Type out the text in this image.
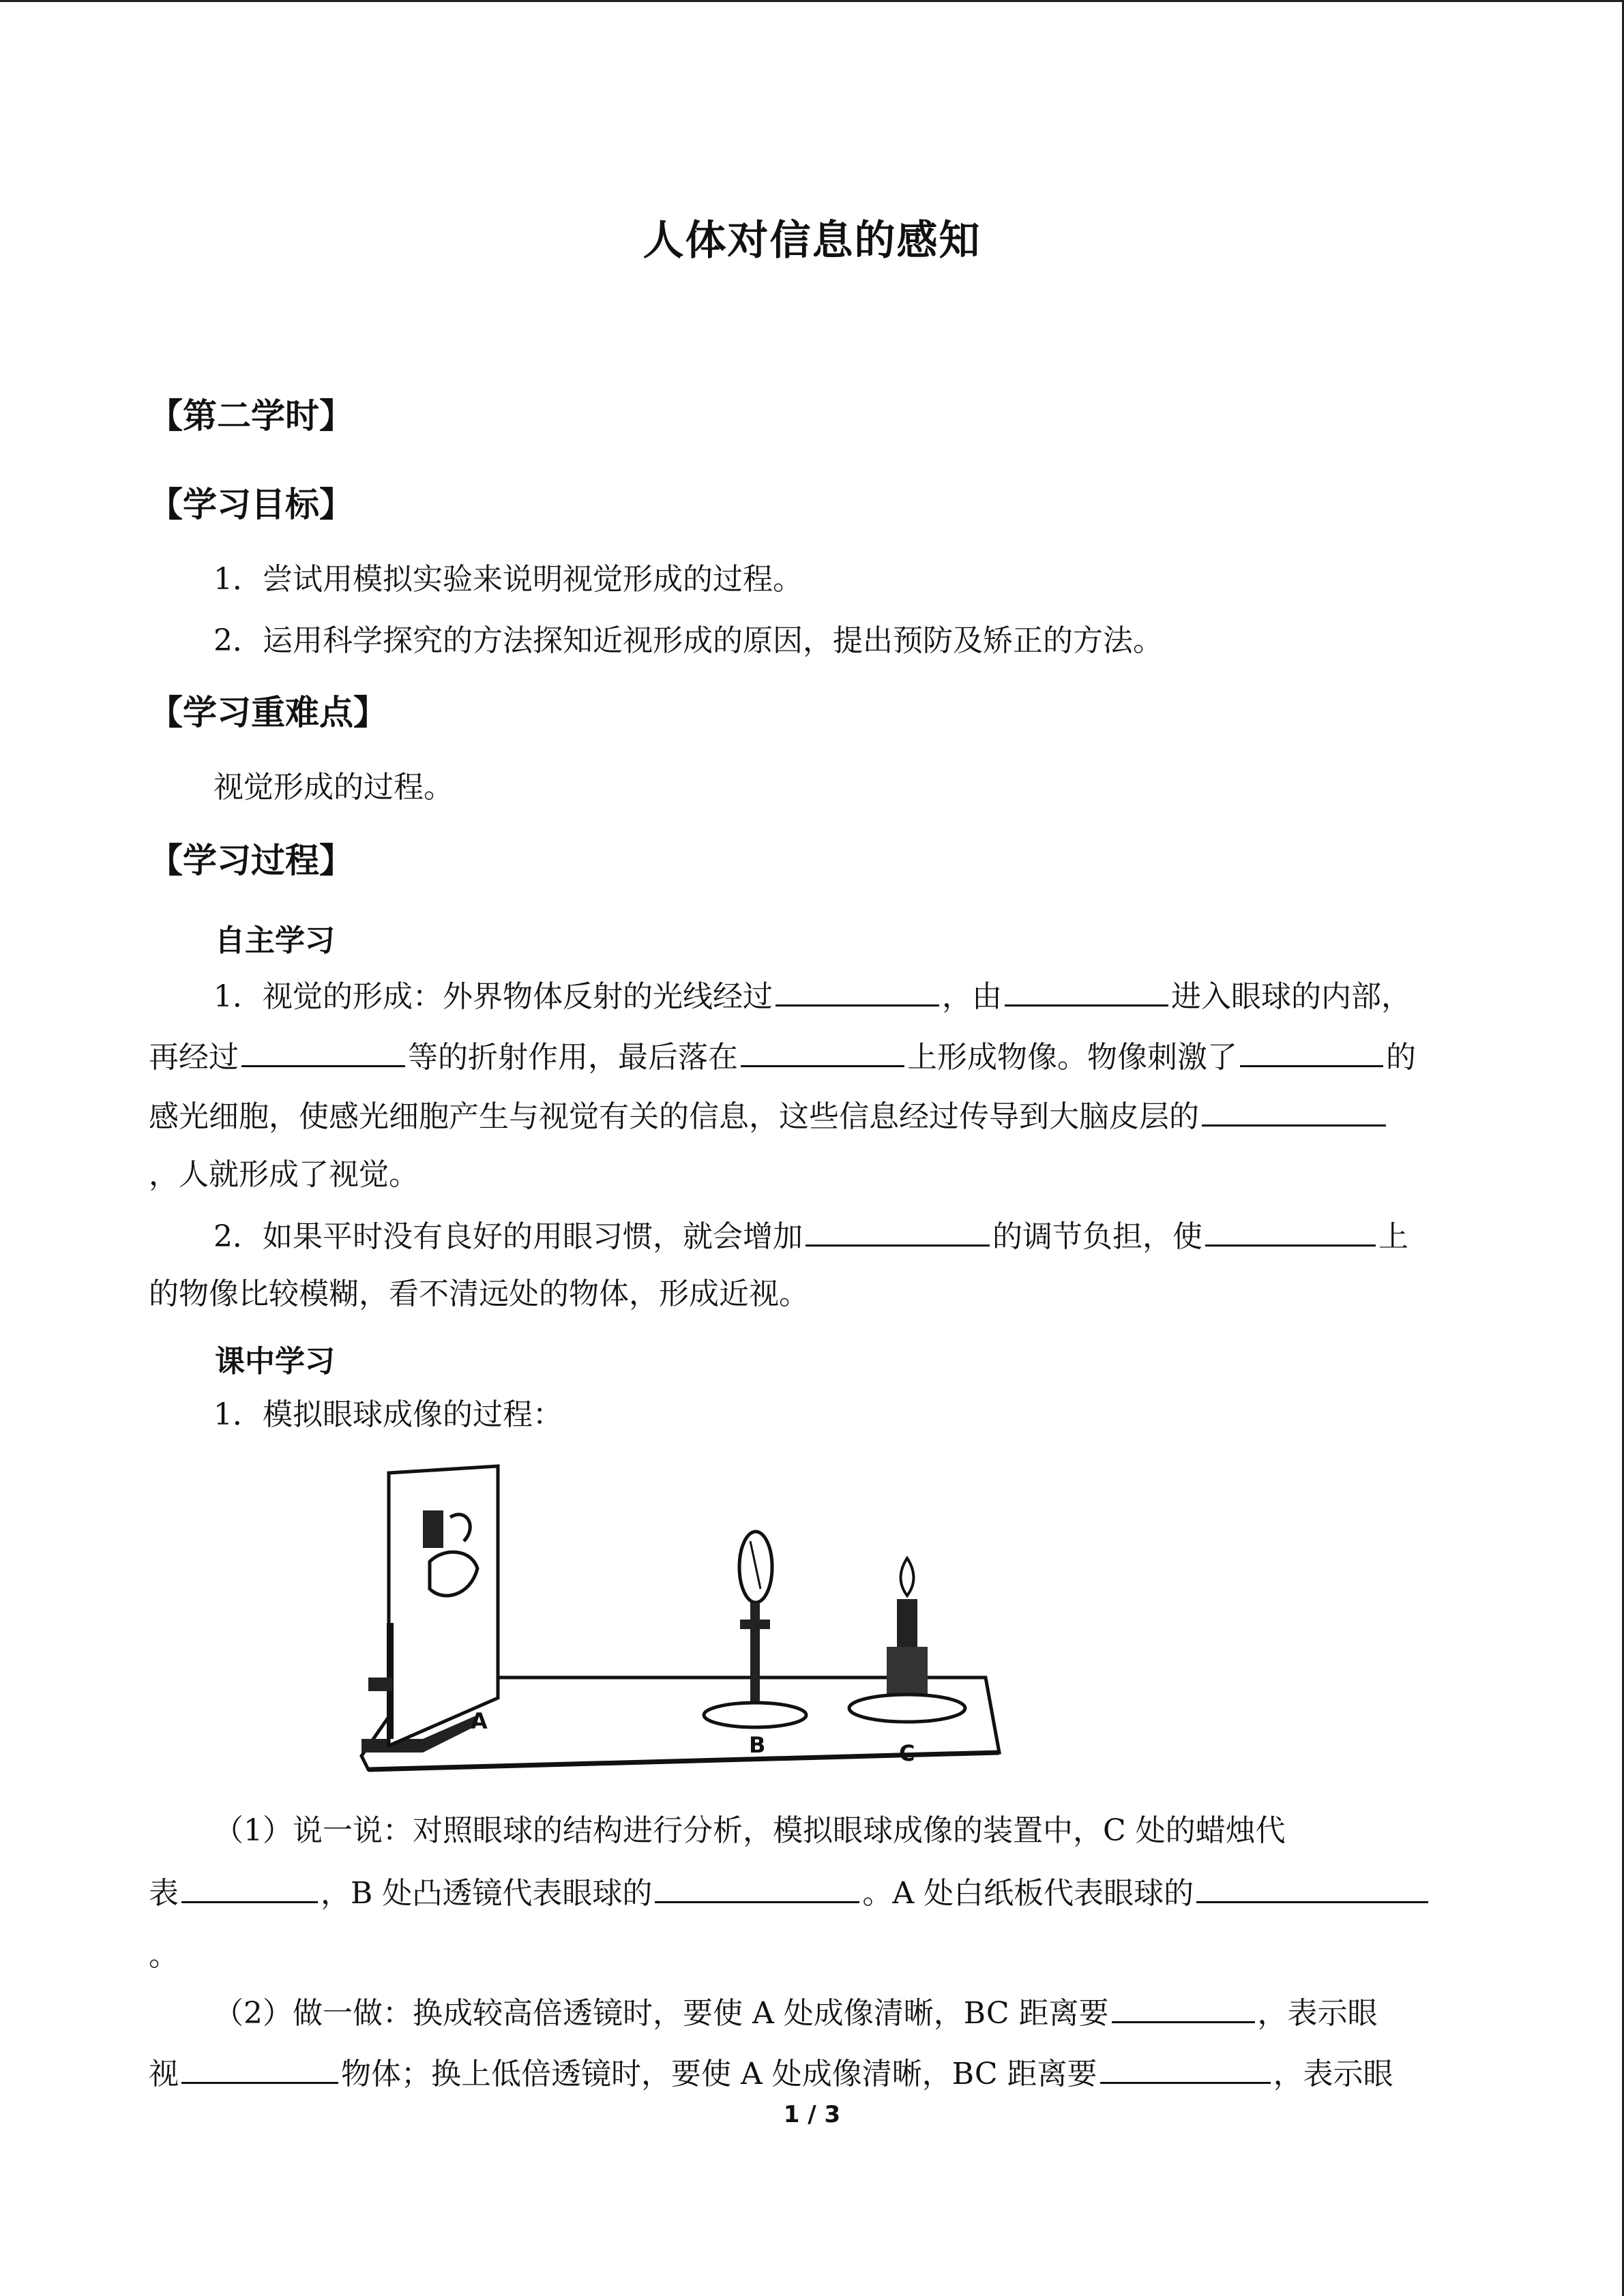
人体对信息的感知
【第二学时】
【学习目标】
1．尝试用模拟实验来说明视觉形成的过程。
2．运用科学探究的方法探知近视形成的原因，提出预防及矫正的方法。
【学习重难点】
视觉形成的过程。
【学习过程】
自主学习
1．视觉的形成：外界物体反射的光线经过	，由	进入眼球的内部，
再经过	等的折射作用，最后落在	上形成物像。物像刺激了	的
感光细胞，使感光细胞产生与视觉有关的信息，这些信息经过传导到大脑皮层的
，人就形成了视觉。
2．如果平时没有良好的用眼习惯，就会增加	的调节负担，使	上
的物像比较模糊，看不清远处的物体，形成近视。
课中学习
1．模拟眼球成像的过程：
A
B	C
（1）说一说：对照眼球的结构进行分析，模拟眼球成像的装置中，C 处的蜡烛代
表	，B 处凸透镜代表眼球的	。A 处白纸板代表眼球的
。
（2）做一做：换成较高倍透镜时，要使 A 处成像清晰，BC 距离要	，表示眼
视	物体；换上低倍透镜时，要使 A 处成像清晰，BC 距离要	，表示眼
1 / 3
